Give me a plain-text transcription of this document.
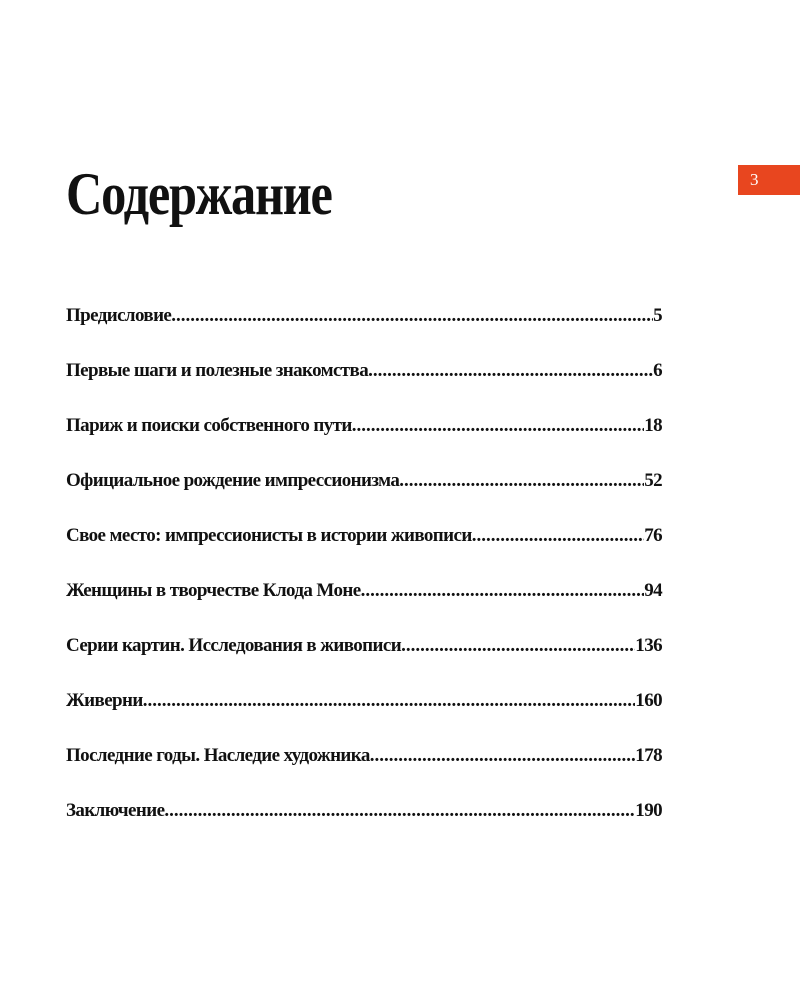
3
Содержание
Предисловие .....	5
Первые шаги и полезные знакомства .....	6
Париж и поиски собственного пути .....	18
Официальное рождение импрессионизма .....	52
Свое место: импрессионисты в истории живописи .....	76
Женщины в творчестве Клода Моне .....	94
Серии картин. Исследования в живописи .....	136
Живерни .....	160
Последние годы. Наследие художника .....	178
Заключение .....	190
